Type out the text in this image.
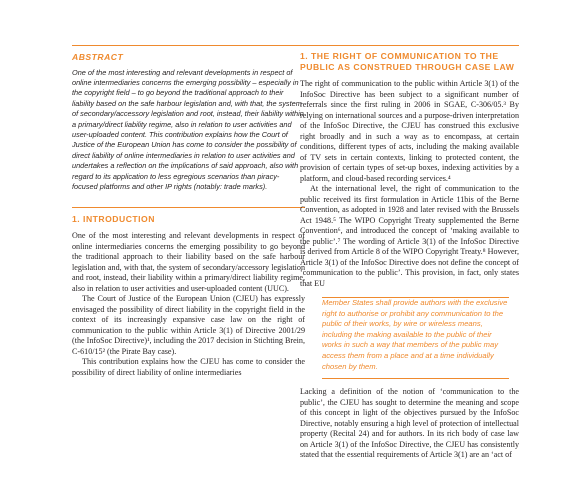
ABSTRACT
One of the most interesting and relevant developments in respect of online intermediaries concerns the emerging possibility – especially in the copyright field – to go beyond the traditional approach to their liability based on the safe harbour legislation and, with that, the system of secondary/accessory legislation and root, instead, their liability within a primary/direct liability regime, also in relation to user activities and user-uploaded content. This contribution explains how the Court of Justice of the European Union has come to consider the possibility of direct liability of online intermediaries in relation to user activities and undertakes a reflection on the implications of said approach, also with regard to its application to less egregious scenarios than piracy-focused platforms and other IP rights (notably: trade marks).
1. INTRODUCTION

One of the most interesting and relevant developments in respect of online intermediaries concerns the emerging possibility to go beyond the traditional approach to their liability based on the safe harbour legislation and, with that, the system of secondary/accessory legislation and root, instead, their liability within a primary/direct liability regime, also in relation to user activities and user-uploaded content (UUC).

The Court of Justice of the European Union (CJEU) has expressly envisaged the possibility of direct liability in the copyright field in the context of its increasingly expansive case law on the right of communication to the public within Article 3(1) of Directive 2001/29 (the InfoSoc Directive)¹, including the 2017 decision in Stichting Brein, C-610/15² (the Pirate Bay case).

This contribution explains how the CJEU has come to consider the possibility of direct liability of online intermediaries

1. THE RIGHT OF COMMUNICATION TO THE PUBLIC AS CONSTRUED THROUGH CASE LAW

The right of communication to the public within Article 3(1) of the InfoSoc Directive has been subject to a significant number of referrals since the first ruling in 2006 in SGAE, C-306/05.³ By relying on international sources and a purpose-driven interpretation of the InfoSoc Directive, the CJEU has construed this exclusive right broadly and in such a way as to encompass, at certain conditions, different types of acts, including the making available of TV sets in certain contexts, linking to protected content, the provision of certain types of set-up boxes, indexing activities by a platform, and cloud-based recording services.⁴

At the international level, the right of communication to the public received its first formulation in Article 11bis of the Berne Convention, as adopted in 1928 and later revised with the Brussels Act 1948.⁵ The WIPO Copyright Treaty supplemented the Berne Convention⁶, and introduced the concept of ‘making available to the public’.⁷ The wording of Article 3(1) of the InfoSoc Directive is derived from Article 8 of the WIPO Copyright Treaty.⁸ However, Article 3(1) of the InfoSoc Directive does not define the concept of ‘communication to the public’. This provision, in fact, only states that EU

Member States shall provide authors with the exclusive right to authorise or prohibit any communication to the public of their works, by wire or wireless means, including the making available to the public of their works in such a way that members of the public may access them from a place and at a time individually chosen by them.

Lacking a definition of the notion of ‘communication to the public’, the CJEU has sought to determine the meaning and scope of this concept in light of the objectives pursued by the InfoSoc Directive, notably ensuring a high level of protection of intellectual property (Recital 24) and for authors. In its rich body of case law on Article 3(1) of the InfoSoc Directive, the CJEU has consistently stated that the essential requirements of Article 3(1) are an ‘act of
